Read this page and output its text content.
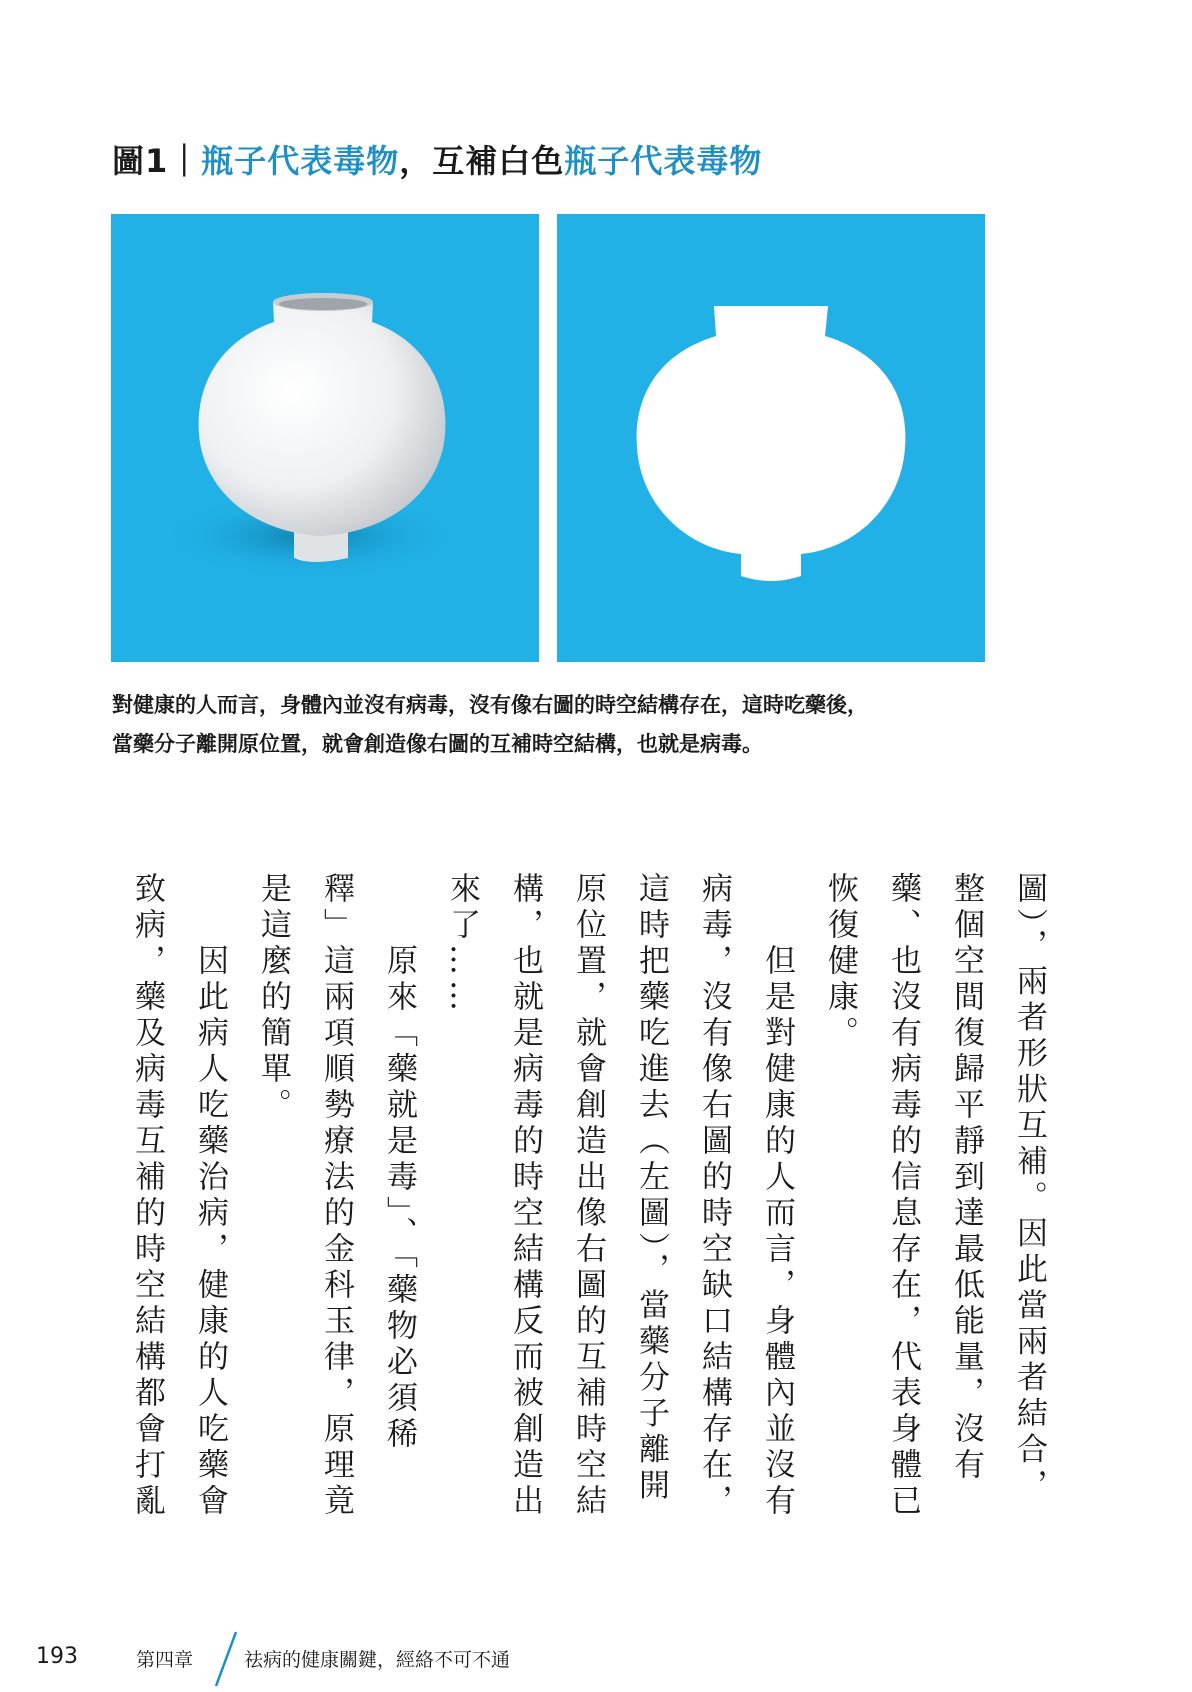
圖1｜瓶子代表毒物，互補白色瓶子代表毒物

對健康的人而言，身體內並沒有病毒，沒有像右圖的時空結構存在，這時吃藥後，

當藥分子離開原位置，就會創造像右圖的互補時空結構，也就是病毒。

圖），兩者形狀互補。因此當兩者結合，

整個空間復歸平靜到達最低能量，沒有

藥、也沒有病毒的信息存在，代表身體已

恢復健康。

　　但是對健康的人而言，身體內並沒有

病毒，沒有像右圖的時空缺口結構存在，

這時把藥吃進去（左圖），當藥分子離開

原位置，就會創造出像右圖的互補時空結

構，也就是病毒的時空結構反而被創造出

來了……

　　原來「藥就是毒」、「藥物必須稀

釋」這兩項順勢療法的金科玉律，原理竟

是這麼的簡單。

　　因此病人吃藥治病，健康的人吃藥會

致病，藥及病毒互補的時空結構都會打亂

193	第四章	祛病的健康關鍵，經絡不可不通
